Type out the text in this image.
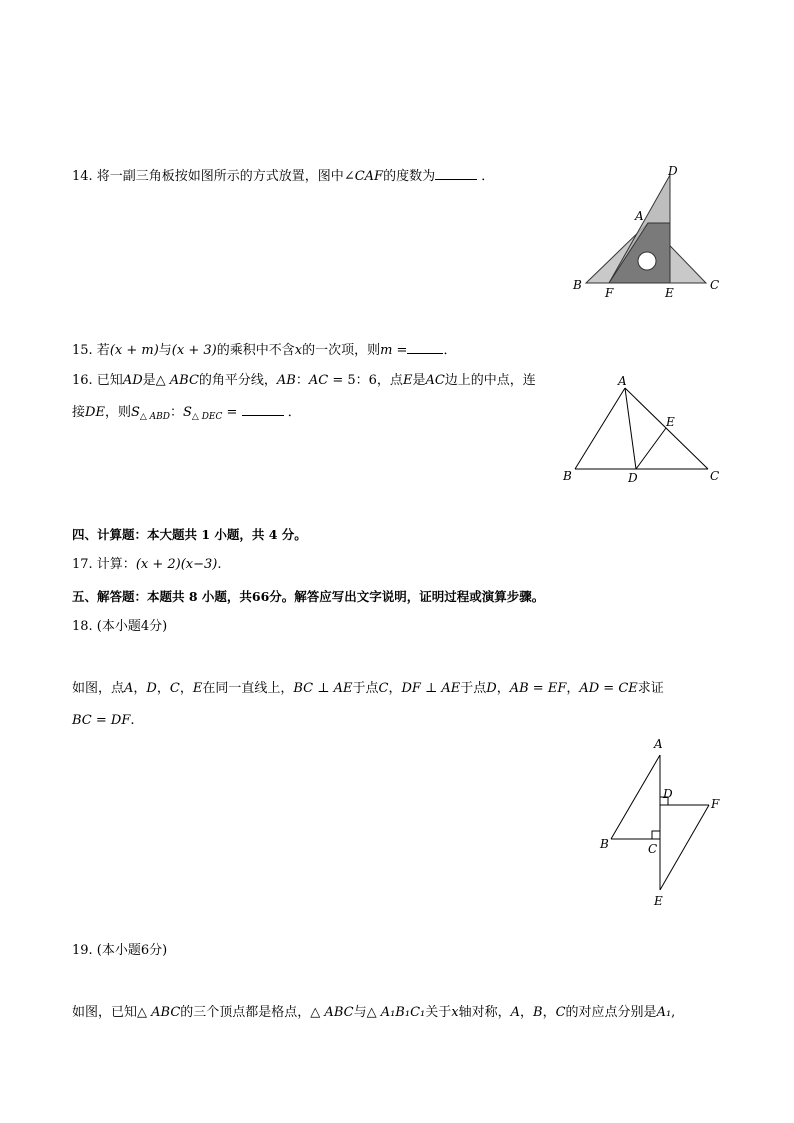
14. 将一副三角板按如图所示的方式放置，图中∠CAF的度数为	．	D
A
B
F	E
C
15. 若(x + m)与(x + 3)的乘积中不含x的一次项，则m =	．
16. 已知AD是△ ABC的角平分线，AB：AC = 5：6，点E是AC边上的中点，连
接DE，则$S_{\triangle ABD}$：$S_{\triangle DEC}$ =	．
A
E
B	D	C
四、计算题：本大题共 1 小题，共 4 分。
17. 计算：(x + 2)(x−3).
五、解答题：本题共 8 小题，共66分。解答应写出文字说明，证明过程或演算步骤。
18. (本小题4分)
如图，点A，D，C，E在同一直线上，BC ⊥ AE于点C，DF ⊥ AE于点D，AB = EF，AD = CE求证
BC = DF.
A
D
F
B	C
E
19. (本小题6分)
如图，已知△ ABC的三个顶点都是格点，△ ABC与△ A₁B₁C₁关于x轴对称，A，B，C的对应点分别是A₁,
